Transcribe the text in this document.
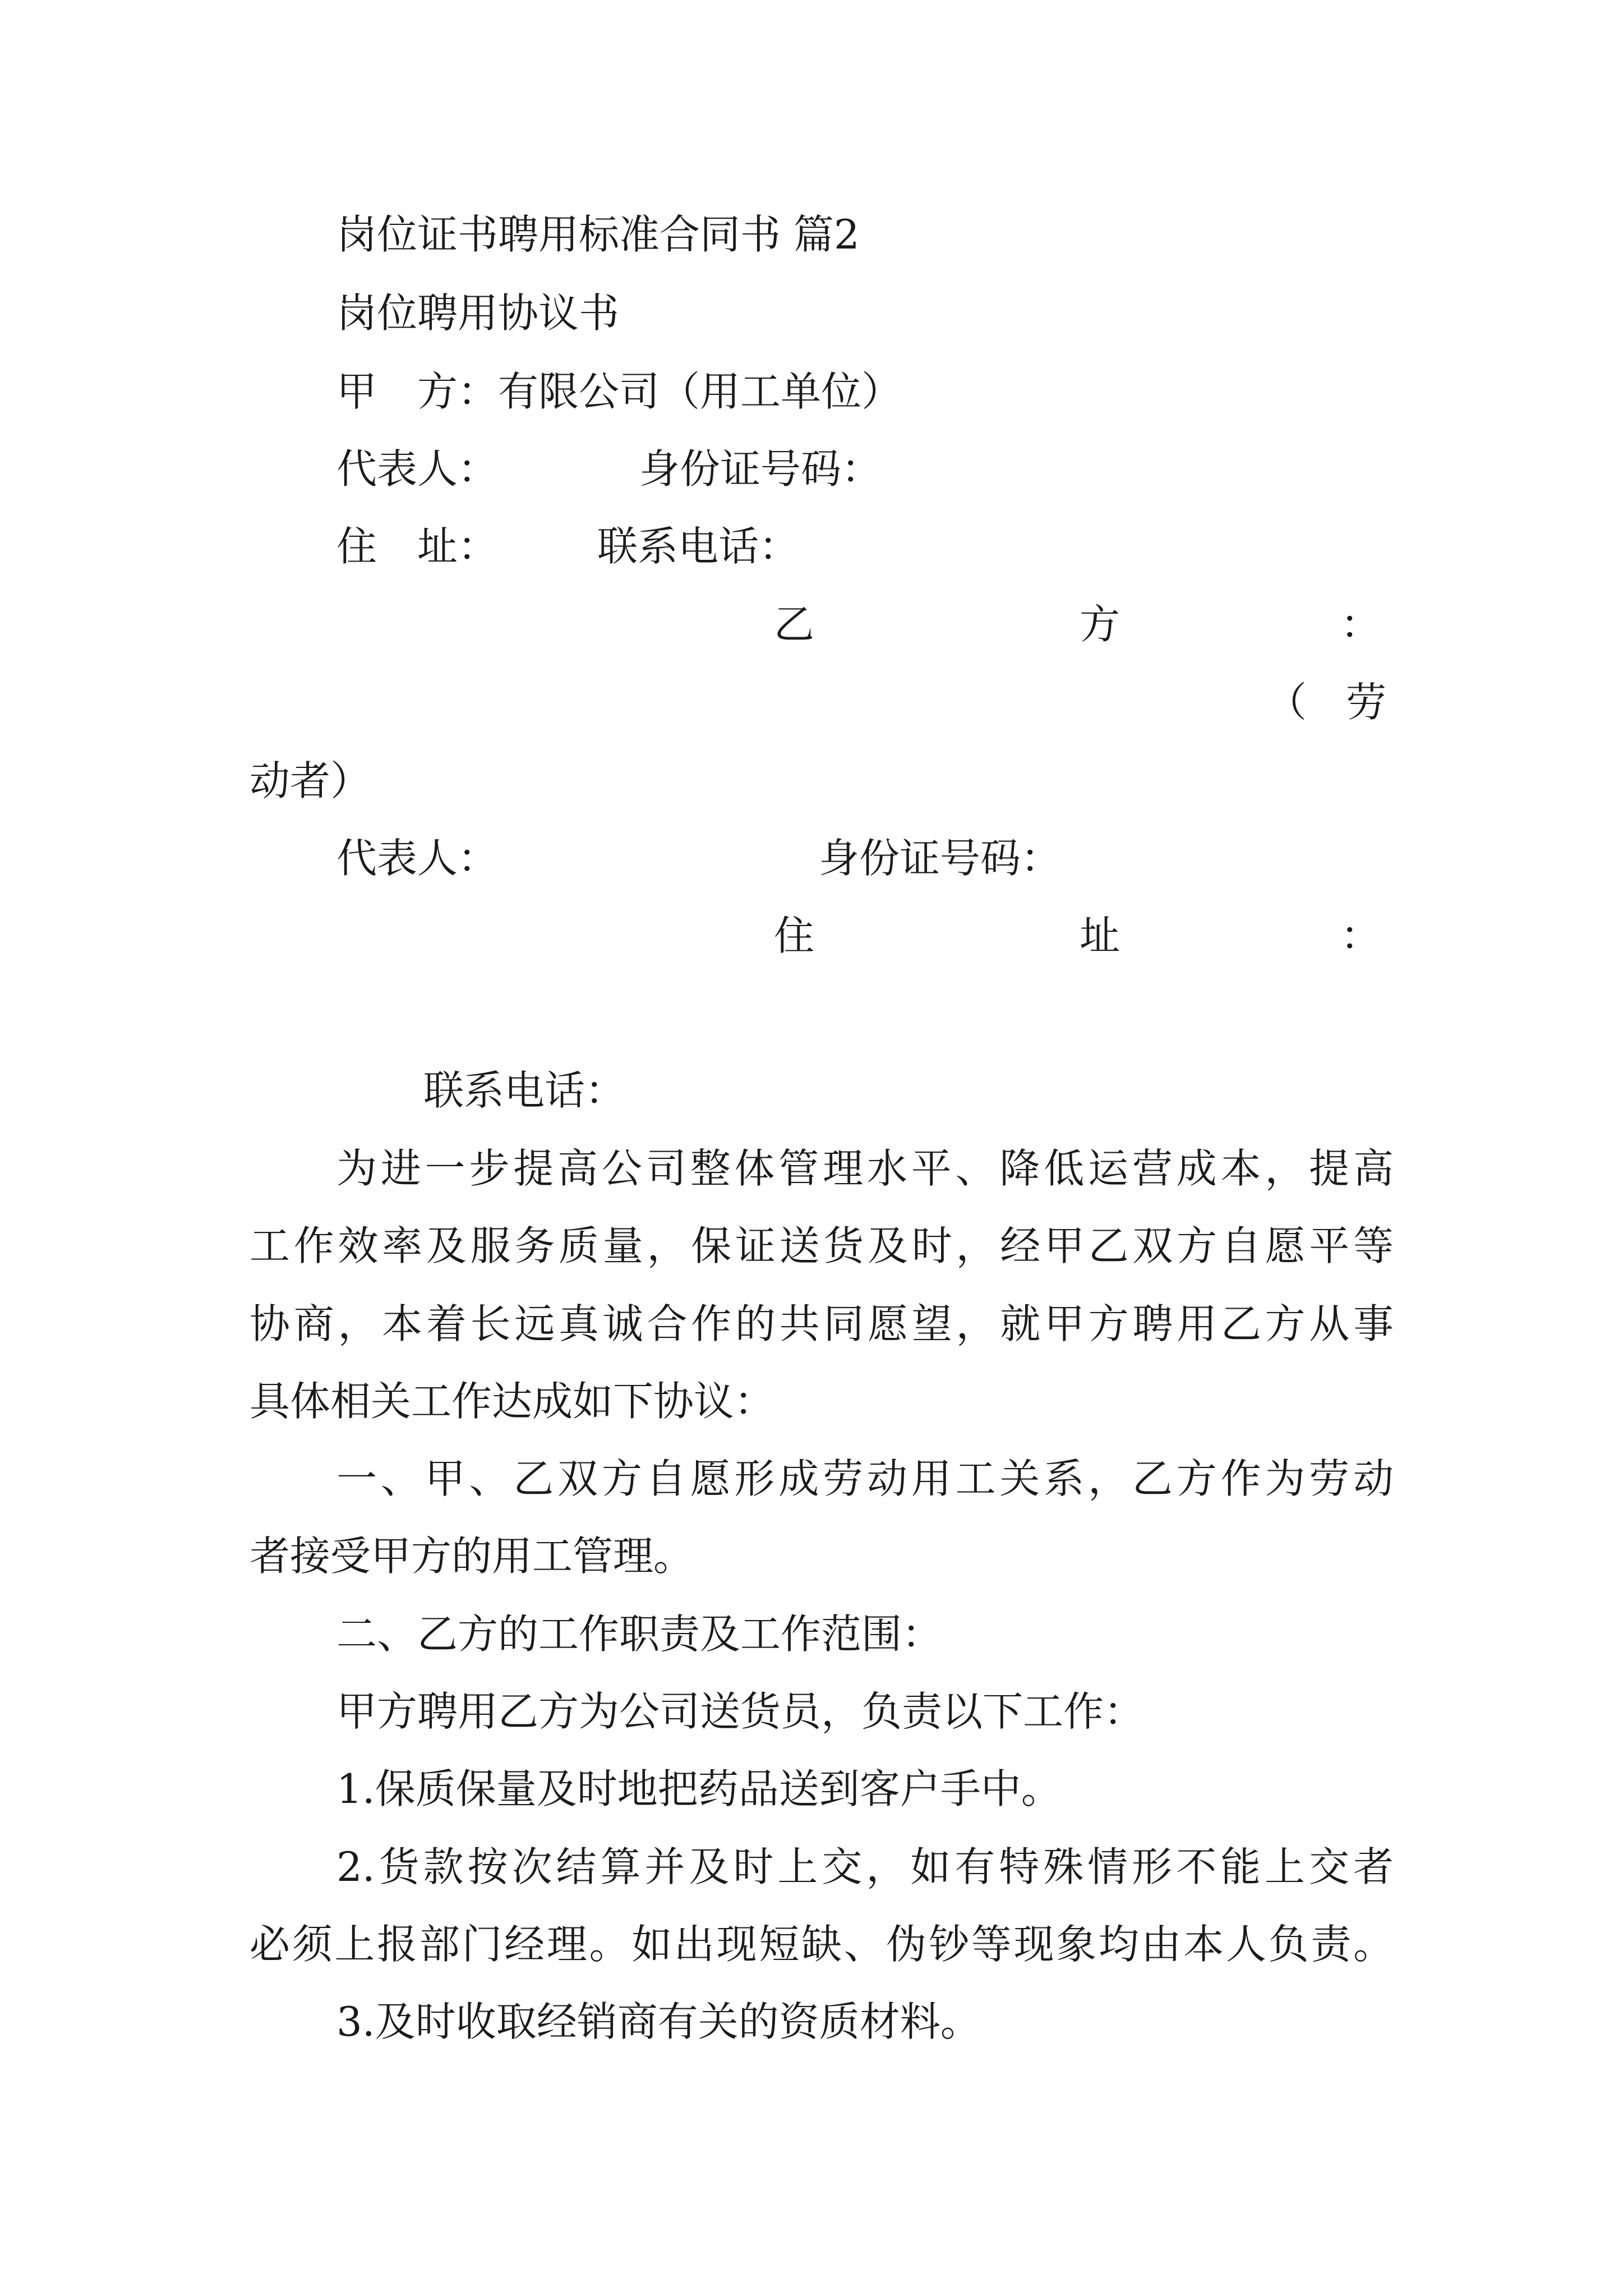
岗位证书聘用标准合同书 篇2
岗位聘用协议书
甲　方：有限公司（用工单位）
代表人：	身份证号码：
住　址： 联系电话：
乙	方	：
（ 劳
动者）
代表人：	身份证号码：
住	址	：
联系电话：
为进一步提高公司整体管理水平、降低运营成本，提高
工作效率及服务质量，保证送货及时，经甲乙双方自愿平等
协商，本着长远真诚合作的共同愿望，就甲方聘用乙方从事
具体相关工作达成如下协议：
一、甲、乙双方自愿形成劳动用工关系，乙方作为劳动
者接受甲方的用工管理。
二、乙方的工作职责及工作范围：
甲方聘用乙方为公司送货员，负责以下工作：
1.保质保量及时地把药品送到客户手中。
2.货款按次结算并及时上交，如有特殊情形不能上交者
必须上报部门经理。如出现短缺、伪钞等现象均由本人负责。
3.及时收取经销商有关的资质材料。
